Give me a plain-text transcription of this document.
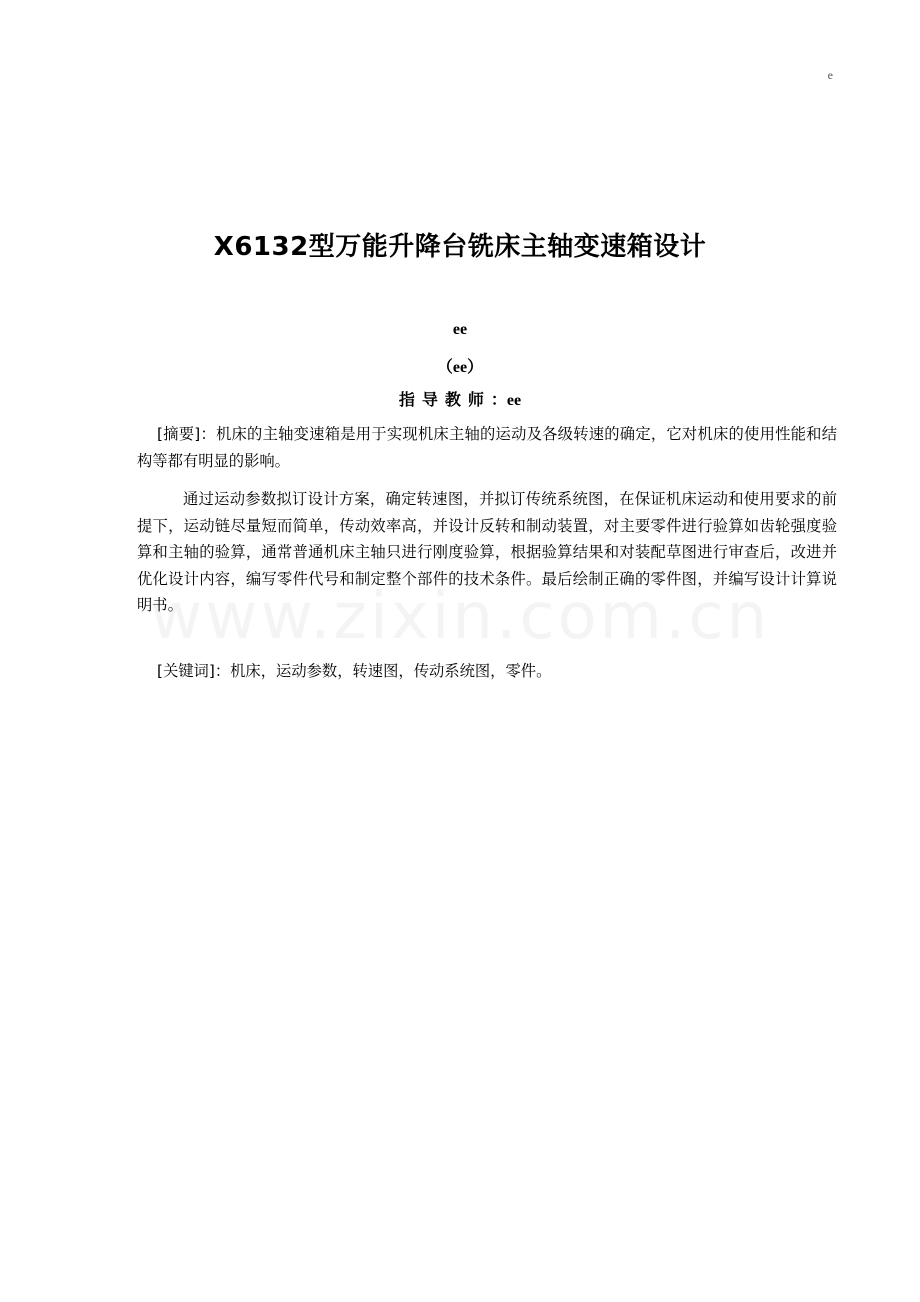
e
X6132型万能升降台铣床主轴变速箱设计
ee
（ee）
指导教师：ee
[摘要]：机床的主轴变速箱是用于实现机床主轴的运动及各级转速的确定，它对机床的使用性能和结构等都有明显的影响。
通过运动参数拟订设计方案，确定转速图，并拟订传统系统图，在保证机床运动和使用要求的前提下，运动链尽量短而简单，传动效率高，并设计反转和制动装置，对主要零件进行验算如齿轮强度验算和主轴的验算，通常普通机床主轴只进行刚度验算，根据验算结果和对装配草图进行审查后，改进并优化设计内容，编写零件代号和制定整个部件的技术条件。最后绘制正确的零件图，并编写设计计算说明书。
[关键词]：机床，运动参数，转速图，传动系统图，零件。
